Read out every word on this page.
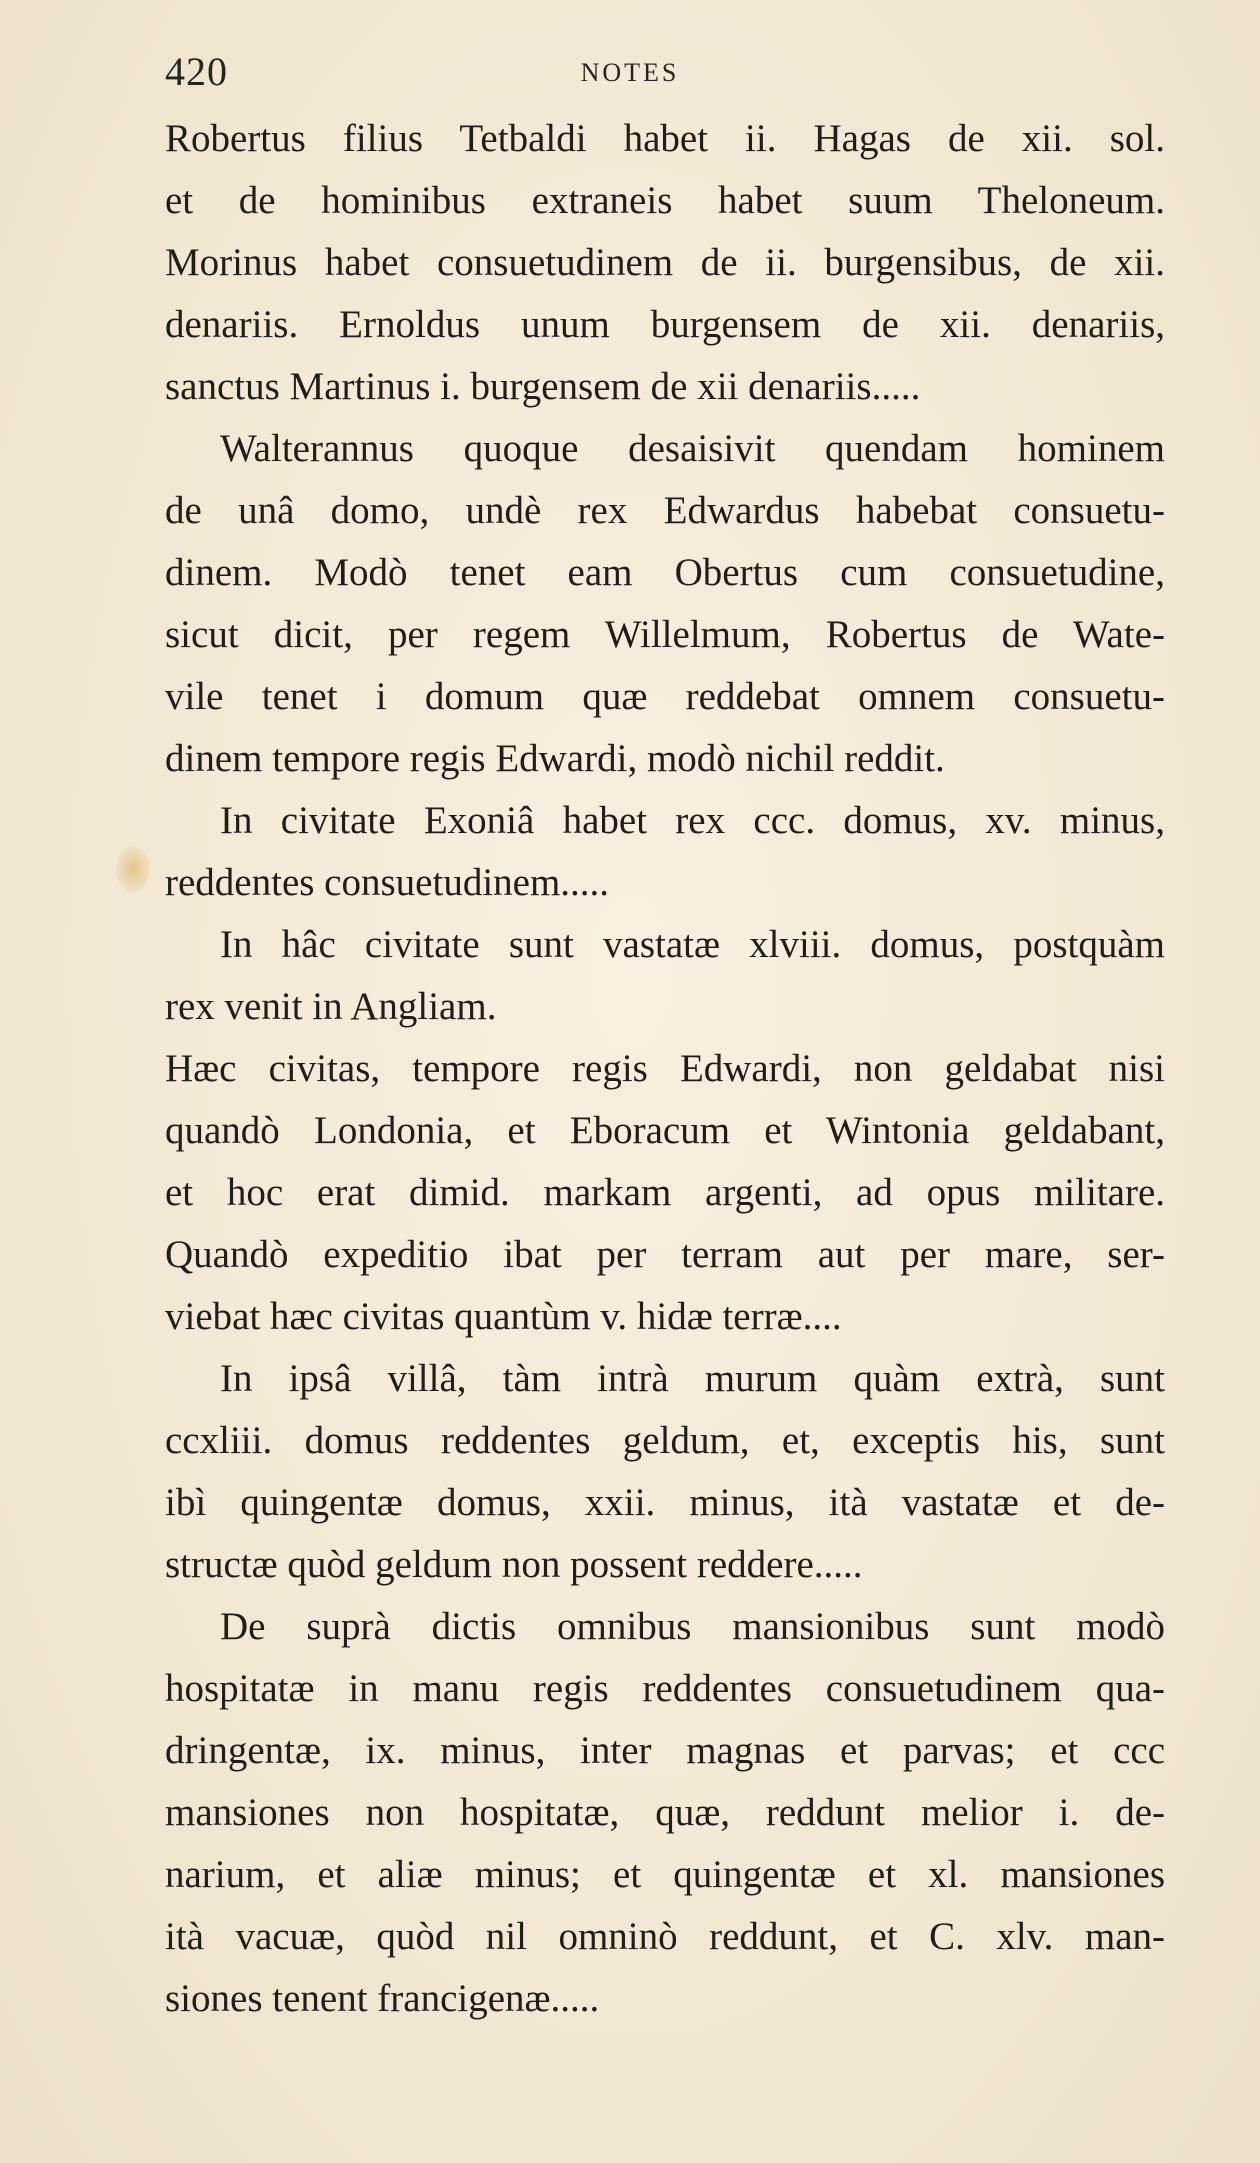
420	NOTES
Robertus filius Tetbaldi habet ii. Hagas de xii. sol.
et de hominibus extraneis habet suum Theloneum.
Morinus habet consuetudinem de ii. burgensibus, de xii.
denariis. Ernoldus unum burgensem de xii. denariis,
sanctus Martinus i. burgensem de xii denariis.....
Walterannus quoque desaisivit quendam hominem
de unâ domo, undè rex Edwardus habebat consuetu-
dinem. Modò tenet eam Obertus cum consuetudine,
sicut dicit, per regem Willelmum, Robertus de Wate-
vile tenet i domum quæ reddebat omnem consuetu-
dinem tempore regis Edwardi, modò nichil reddit.
In civitate Exoniâ habet rex ccc. domus, xv. minus,
reddentes consuetudinem.....
In hâc civitate sunt vastatæ xlviii. domus, postquàm
rex venit in Angliam.
Hæc civitas, tempore regis Edwardi, non geldabat nisi
quandò Londonia, et Eboracum et Wintonia geldabant,
et hoc erat dimid. markam argenti, ad opus militare.
Quandò expeditio ibat per terram aut per mare, ser-
viebat hæc civitas quantùm v. hidæ terræ....
In ipsâ villâ, tàm intrà murum quàm extrà, sunt
ccxliii. domus reddentes geldum, et, exceptis his, sunt
ibì quingentæ domus, xxii. minus, ità vastatæ et de-
structæ quòd geldum non possent reddere.....
De suprà dictis omnibus mansionibus sunt modò
hospitatæ in manu regis reddentes consuetudinem qua-
dringentæ, ix. minus, inter magnas et parvas; et ccc
mansiones non hospitatæ, quæ, reddunt melior i. de-
narium, et aliæ minus; et quingentæ et xl. mansiones
ità vacuæ, quòd nil omninò reddunt, et C. xlv. man-
siones tenent francigenæ.....
